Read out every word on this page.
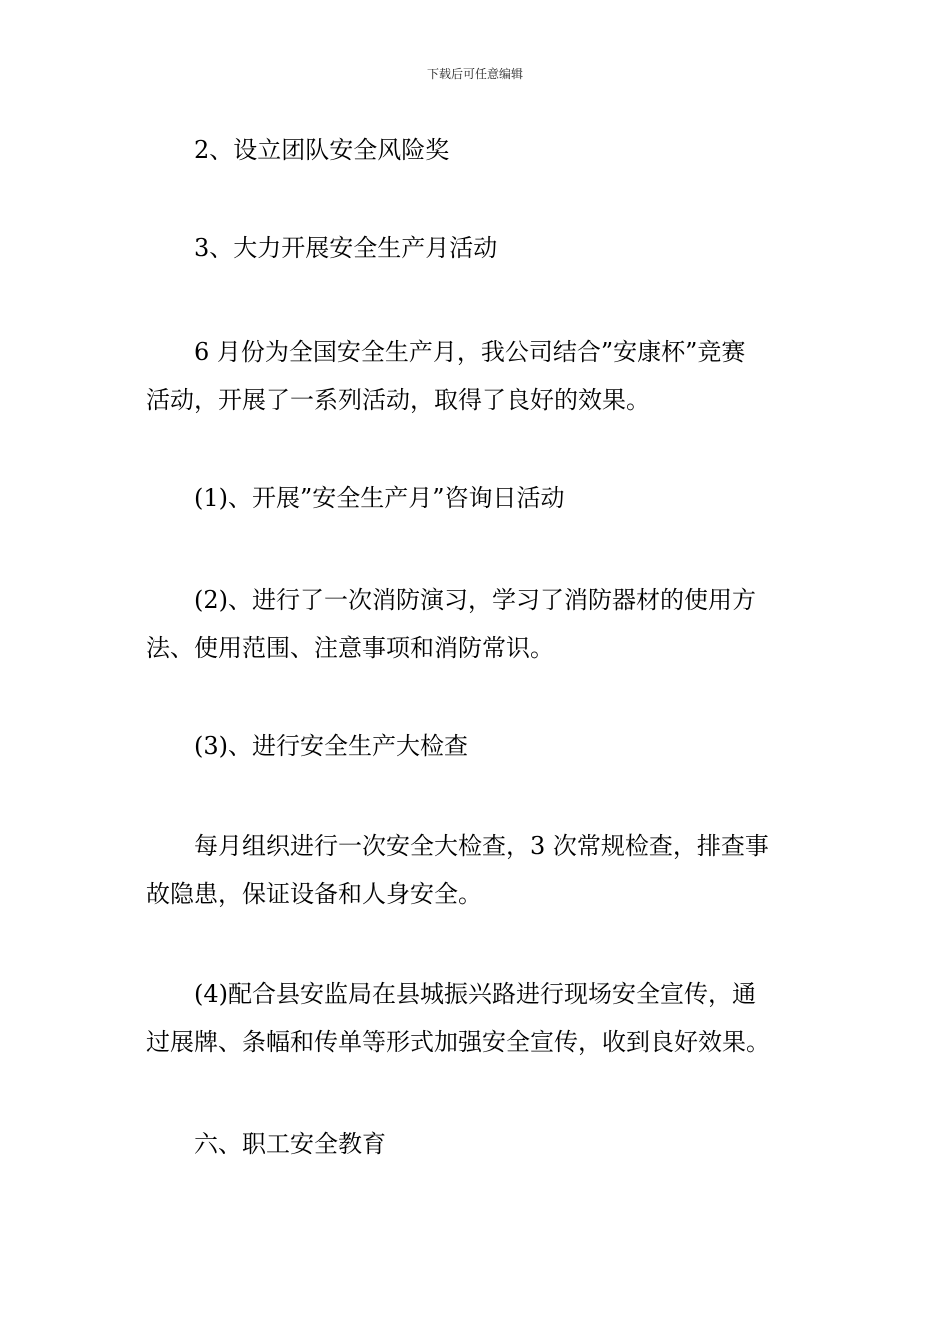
下载后可任意编辑

2、设立团队安全风险奖

3、大力开展安全生产月活动

6 月份为全国安全生产月，我公司结合”安康杯”竞赛
活动，开展了一系列活动，取得了良好的效果。

(1)、开展”安全生产月”咨询日活动

(2)、进行了一次消防演习，学习了消防器材的使用方
法、使用范围、注意事项和消防常识。

(3)、进行安全生产大检查

每月组织进行一次安全大检查，3 次常规检查，排查事
故隐患，保证设备和人身安全。

(4)配合县安监局在县城振兴路进行现场安全宣传，通
过展牌、条幅和传单等形式加强安全宣传，收到良好效果。

六、职工安全教育
